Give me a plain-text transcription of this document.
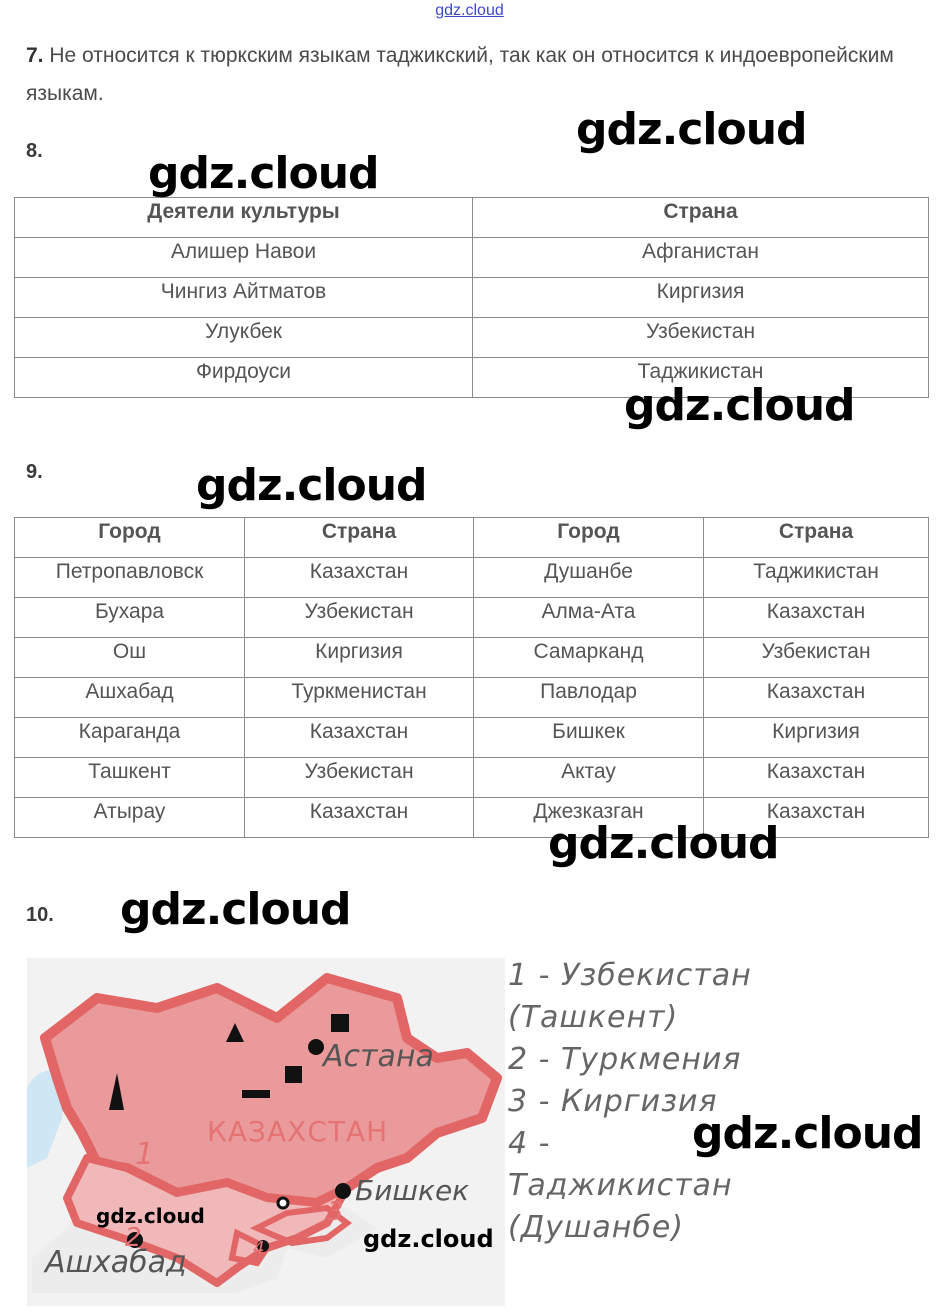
gdz.cloud
7. Не относится к тюркским языкам таджикский, так как он относится к индоевропейским языкам.
8.
Деятели культуры	Страна
Алишер Навои	Афганистан
Чингиз Айтматов	Киргизия
Улукбек	Узбекистан
Фирдоуси	Таджикистан
9.
Город	Страна	Город	Страна
Петропавловск	Казахстан	Душанбе	Таджикистан
Бухара	Узбекистан	Алма-Ата	Казахстан
Ош	Киргизия	Самарканд	Узбекистан
Ашхабад	Туркменистан	Павлодар	Казахстан
Караганда	Казахстан	Бишкек	Киргизия
Ташкент	Узбекистан	Актау	Казахстан
Атырау	Казахстан	Джезказган	Казахстан
10.
КАЗАХСТАН
Астана
Бишкек
Ашхабад
1
2
3
4
1 - Узбекистан
(Ташкент)
2 - Туркмения
3 - Киргизия
4 -
Таджикистан
(Душанбе)
gdz.cloud
gdz.cloud
gdz.cloud
gdz.cloud
gdz.cloud
gdz.cloud
gdz.cloud
gdz.cloud
gdz.cloud
